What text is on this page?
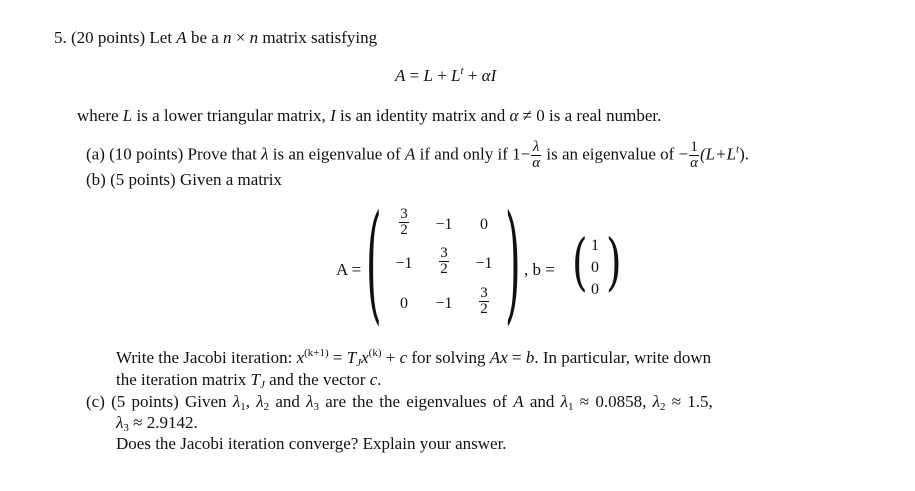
5. (20 points) Let A be a n × n matrix satisfying
$A = L + L^t + \alpha I$
where L is a lower triangular matrix, I is an identity matrix and α ≠ 0 is a real number.
(a) (10 points) Prove that λ is an eigenvalue of A if and only if $1- \frac{\lambda}{\alpha}$ is an eigenvalue of − $\frac{1}{\alpha} (L+L^t)$.
(b) (5 points) Given a matrix
A = (	)
$\frac{3}{2}$	−1	0
−1	$\frac{3}{2}$	−1
0	−1	$\frac{3}{2}$
, b = ( )
1
0
0
Write the Jacobi iteration: $x^{(k+1)} = T_Jx^{(k)} + c$ for solving Ax = b. In particular, write down
the iteration matrix $T_J$ and the vector c.
(c) (5 points) Given $\lambda_1$, $\lambda_2$ and $\lambda_3$ are the the eigenvalues of A and $\lambda_1 \approx 0.0858$, $\lambda_2 \approx 1.5$,
$\lambda_3 \approx 2.9142$.
Does the Jacobi iteration converge? Explain your answer.
